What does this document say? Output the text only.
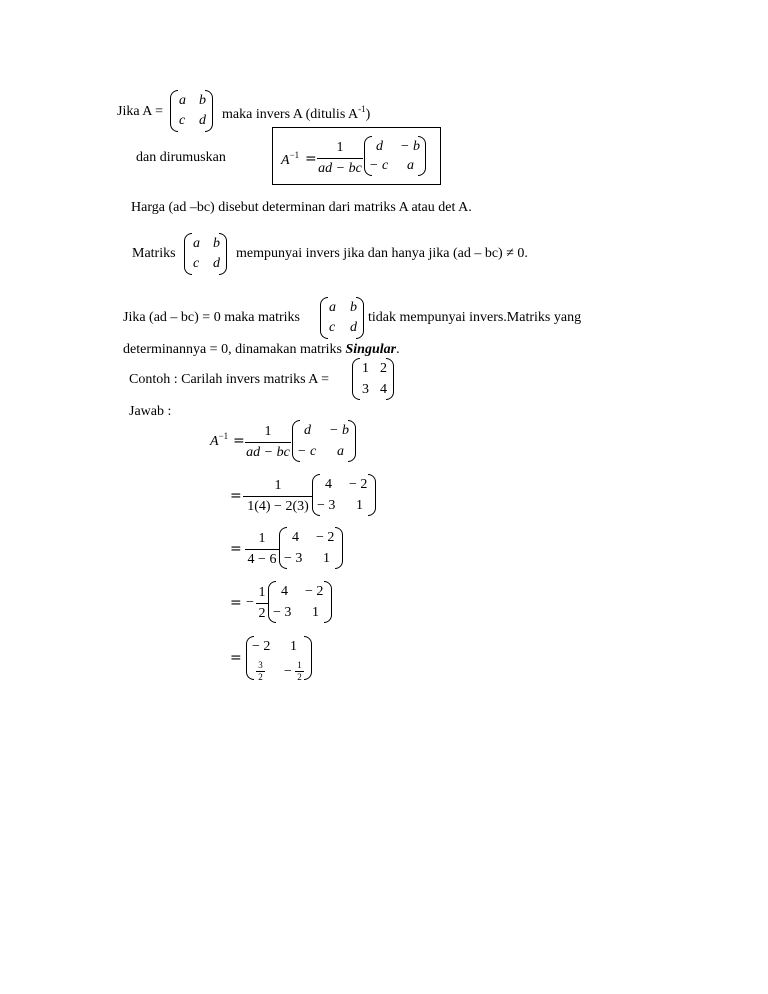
Jika A =
a b
c d maka invers A (ditulis $A^{-1}$)
dan dirumuskan	$A^{-1}$ =
1
ad − bc
d − b
− c a
Harga (ad –bc) disebut determinan dari matriks A atau det A.
Matriks
a b
c d
mempunyai invers jika dan hanya jika (ad – bc) ≠ 0.
Jika (ad – bc) = 0 maka matriks
a b
c d
tidak mempunyai invers.Matriks yang
determinannya = 0, dinamakan matriks Singular.
Contoh : Carilah invers matriks A =
1 2
3 4
Jawab :
$A^{-1}$ =
1
ad − bc
d − b
− c a
=
1
1(4) − 2(3)
4 − 2
− 3 1
=
1
4 − 6
4 − 2
− 3 1
= −
1
2
4 − 2
− 3 1
=
− 2 1
3
2 − 1
2
